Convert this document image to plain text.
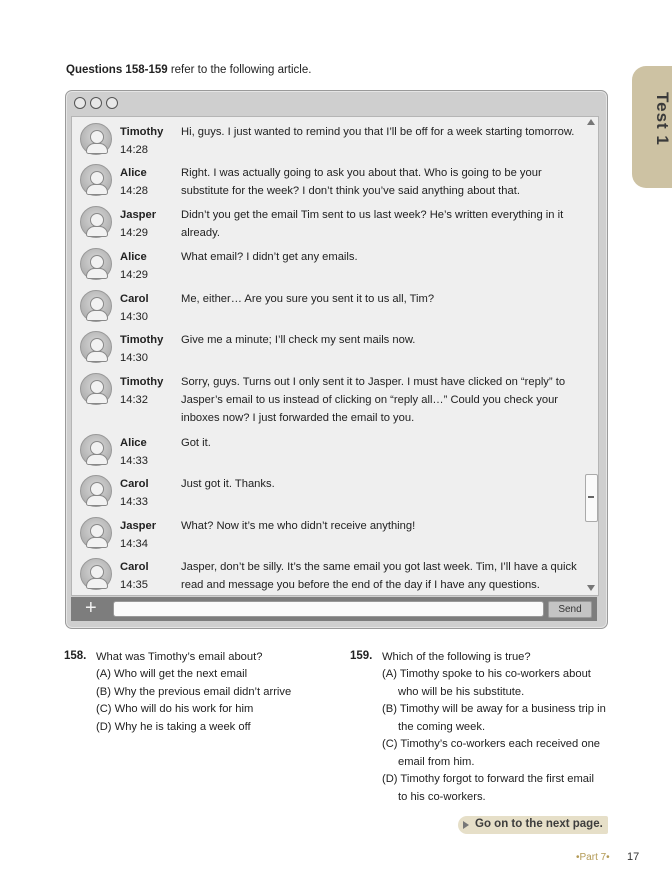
Questions 158-159 refer to the following article.
Test 1
Timothy
14:28
Hi, guys. I just wanted to remind you that I’ll be off for a week starting tomorrow.
Alice
14:28
Right. I was actually going to ask you about that. Who is going to be your substitute for the week? I don’t think you’ve said anything about that.
Jasper
14:29
Didn’t you get the email Tim sent to us last week? He’s written everything in it already.
Alice
14:29
What email? I didn’t get any emails.
Carol
14:30
Me, either… Are you sure you sent it to us all, Tim?
Timothy
14:30
Give me a minute; I’ll check my sent mails now.
Timothy
14:32
Sorry, guys. Turns out I only sent it to Jasper. I must have clicked on “reply” to Jasper’s email to us instead of clicking on “reply all…” Could you check your inboxes now? I just forwarded the email to you.
Alice
14:33
Got it.
Carol
14:33
Just got it. Thanks.
Jasper
14:34
What? Now it’s me who didn’t receive anything!
Carol
14:35
Jasper, don’t be silly. It’s the same email you got last week. Tim, I’ll have a quick read and message you before the end of the day if I have any questions.
+	Send
158. What was Timothy’s email about?
(A) Who will get the next email
(B) Why the previous email didn’t arrive
(C) Who will do his work for him
(D) Why he is taking a week off
159. Which of the following is true?
(A) Timothy spoke to his co-workers about
who will be his substitute.
(B) Timothy will be away for a business trip in
the coming week.
(C) Timothy’s co-workers each received one
email from him.
(D) Timothy forgot to forward the first email
to his co-workers.
Go on to the next page.
•Part 7• 17
